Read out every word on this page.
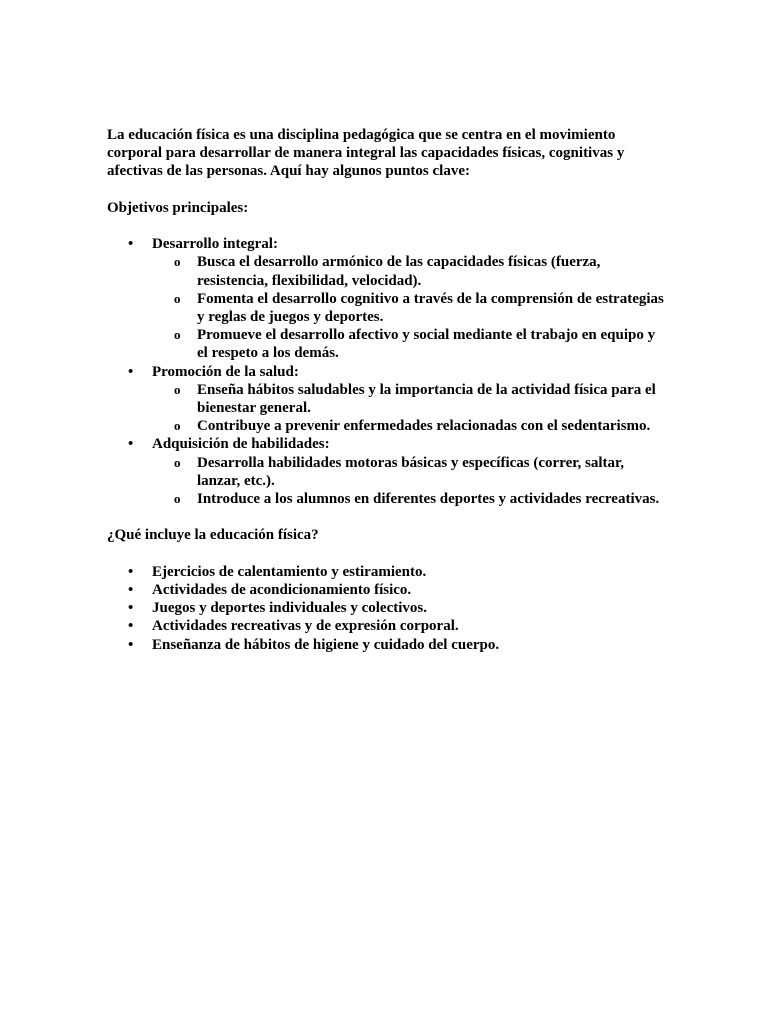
La educación física es una disciplina pedagógica que se centra en el movimiento corporal para desarrollar de manera integral las capacidades físicas, cognitivas y afectivas de las personas. Aquí hay algunos puntos clave:

Objetivos principales:

• Desarrollo integral:
o Busca el desarrollo armónico de las capacidades físicas (fuerza, resistencia, flexibilidad, velocidad).
o Fomenta el desarrollo cognitivo a través de la comprensión de estrategias y reglas de juegos y deportes.
o Promueve el desarrollo afectivo y social mediante el trabajo en equipo y el respeto a los demás.
• Promoción de la salud:
o Enseña hábitos saludables y la importancia de la actividad física para el bienestar general.
o Contribuye a prevenir enfermedades relacionadas con el sedentarismo.
• Adquisición de habilidades:
o Desarrolla habilidades motoras básicas y específicas (correr, saltar, lanzar, etc.).
o Introduce a los alumnos en diferentes deportes y actividades recreativas.

¿Qué incluye la educación física?

• Ejercicios de calentamiento y estiramiento.
• Actividades de acondicionamiento físico.
• Juegos y deportes individuales y colectivos.
• Actividades recreativas y de expresión corporal.
• Enseñanza de hábitos de higiene y cuidado del cuerpo.
